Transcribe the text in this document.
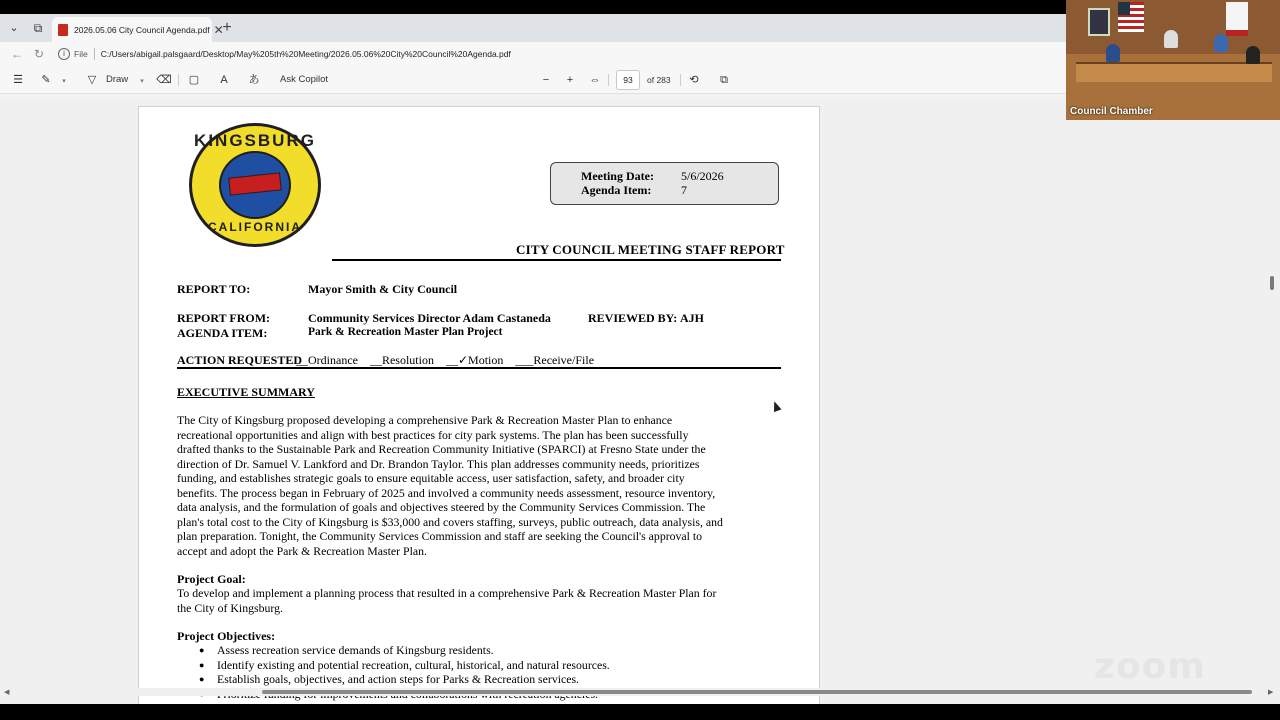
⌄	⧉	2026.05.06 City Council Agenda.pdf ✕
+
← ↻	i	File C:/Users/abigail.palsgaard/Desktop/May%205th%20Meeting/2026.05.06%20City%20Council%20Agenda.pdf
☰	✎	▾	▽	Draw	▾	⌫ ▢	A	あ Ask Copilot	−	+	⇔	93	of 283	⟲	⧉
KINGSBURG
CALIFORNIA
Meeting Date:	5/6/2026
Agenda Item:	7
CITY COUNCIL MEETING STAFF REPORT
REPORT TO:	Mayor Smith & City Council
REPORT FROM:	Community Services Director Adam Castaneda	REVIEWED BY: AJH
AGENDA ITEM:	Park & Recreation Master Plan Project
ACTION REQUESTED
__Ordinance    __Resolution    __✓Motion    ___Receive/File
EXECUTIVE SUMMARY
The City of Kingsburg proposed developing a comprehensive Park & Recreation Master Plan to enhance
recreational opportunities and align with best practices for city park systems. The plan has been successfully
drafted thanks to the Sustainable Park and Recreation Community Initiative (SPARCI) at Fresno State under the
direction of Dr. Samuel V. Lankford and Dr. Brandon Taylor. This plan addresses community needs, prioritizes
funding, and establishes strategic goals to ensure equitable access, user satisfaction, safety, and broader city
benefits. The process began in February of 2025 and involved a community needs assessment, resource inventory,
data analysis, and the formulation of goals and objectives steered by the Community Services Commission. The
plan's total cost to the City of Kingsburg is $33,000 and covers staffing, surveys, public outreach, data analysis, and
plan preparation. Tonight, the Community Services Commission and staff are seeking the Council's approval to
accept and adopt the Park & Recreation Master Plan.
Project Goal:
To develop and implement a planning process that resulted in a comprehensive Park & Recreation Master Plan for
the City of Kingsburg.
Project Objectives:
●	Assess recreation service demands of Kingsburg residents.
●	Identify existing and potential recreation, cultural, historical, and natural resources.
●	Establish goals, objectives, and action steps for Parks & Recreation services.
◀	▶
Council Chamber
zoom
